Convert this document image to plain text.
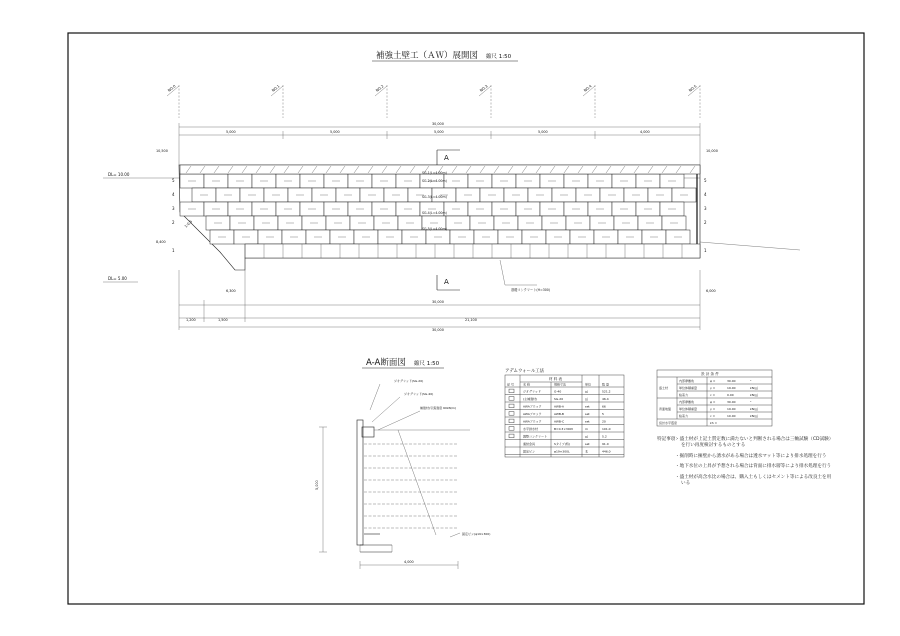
補強土壁工（ＡＷ）展開図 縮尺 1:50
NO.0	NO.1	NO.2	NO.3	NO.4	NO.5
30,000
5,000	5,000	5,000	5,000	4,000
A
A
DL= 10.00
DL= 5.00
10,500
8,400
6,300
10,000
6,000
5	5
4	4
3	3
2	2
1	1
SG-1(L=4.00m)
SG-2(L=4.00m)
SG-3(L=4.00m)
SG-4(L=4.00m)
SG-5(L=4.00m)
1:0.5
基礎コンクリート(H=300)
30,000
30,000
1,200	1,500	21,100
A-A断面図 縮尺 1:50
5,000
4,000
ジオグリッド(SG-20)
ジオグリッド(SG-40)
補強材(引張強度 60kN/m)
固定ピン(φ19×300)
アデムウォール工法
材 料 表
記 号	名 称	規格寸法	単位	数 量
ジオグリッド	G-40	㎡	521.2
(主補強材)	SG-20	㎡	46.4
AWAブロック	AWB-A	set	66
AWAブロック	AWB-B	set	5
AWAブロック	AWB-C	set	20
水平排水材	B=0.3×300t	m	101.0
調整コンクリート	㎥	5.2
連結金具	Sタイプ(特)	set	91.0
固定ピン	φ19×300L	本	446.0
設 計 条 件
盛土材
内部摩擦角	φ =	30.00	°
単位体積重量	γ =	19.00	kN/㎥
粘着力	c =	0.00	kN/㎡
背面地盤
内部摩擦角	φ =	30.00	°
単位体積重量	γ =	19.00	kN/㎥
粘着力	c =	10.00	kN/㎡
設計水平震度	kh =
特記事項： ・ 盛土材が上記土質定数に満たないと判断される場合は三軸試験（CD試験）を行い再度検討するものとする
・ 掘削時に擁壁から湧水がある場合は透水マット等により排水処理を行う
・ 地下水位の上昇が予想される場合は背面に排水層等により排水処理を行う
・ 盛土材が高含水比の場合は、購入土もしくはセメント等による改良土を用いる
